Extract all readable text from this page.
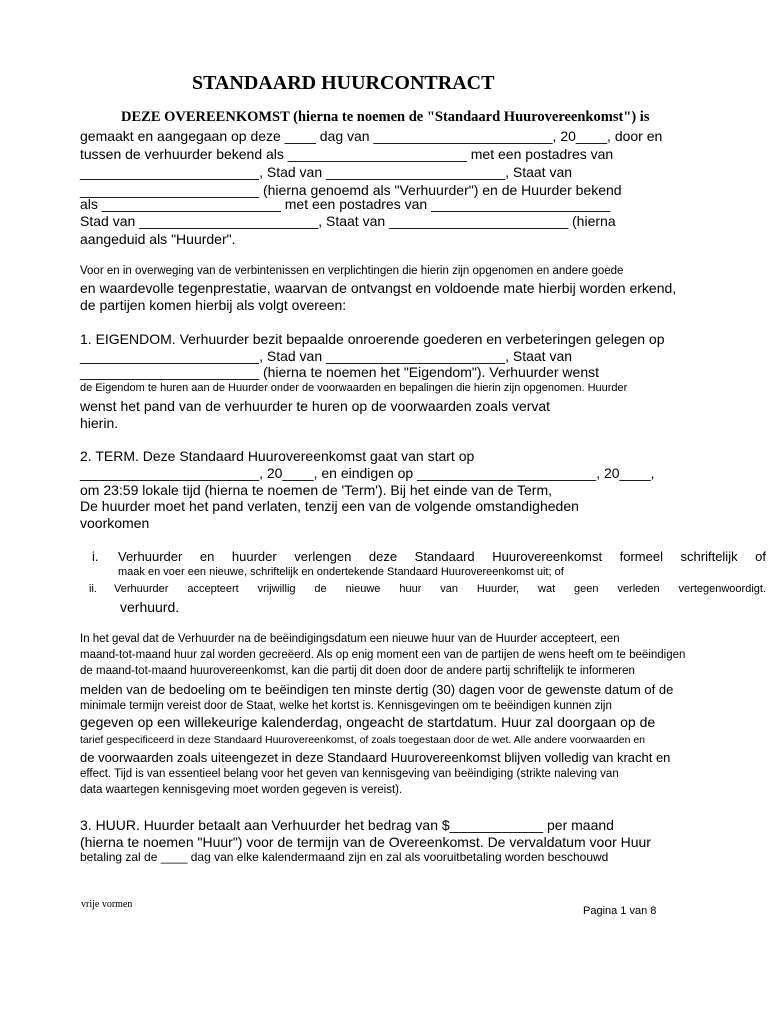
STANDAARD HUURCONTRACT
DEZE OVEREENKOMST (hierna te noemen de "Standaard Huurovereenkomst") is
gemaakt en aangegaan op deze ____ dag van _______________________, 20____, door en
tussen de verhuurder bekend als _______________________ met een postadres van
_______________________, Stad van _______________________, Staat van
_______________________ (hierna genoemd als "Verhuurder") en de Huurder bekend
als _______________________ met een postadres van _______________________
Stad van _______________________, Staat van _______________________ (hierna
aangeduid als "Huurder".
Voor en in overweging van de verbintenissen en verplichtingen die hierin zijn opgenomen en andere goede
en waardevolle tegenprestatie, waarvan de ontvangst en voldoende mate hierbij worden erkend,
de partijen komen hierbij als volgt overeen:
1. EIGENDOM. Verhuurder bezit bepaalde onroerende goederen en verbeteringen gelegen op
_______________________, Stad van _______________________, Staat van
_______________________ (hierna te noemen het "Eigendom"). Verhuurder wenst
de Eigendom te huren aan de Huurder onder de voorwaarden en bepalingen die hierin zijn opgenomen. Huurder
wenst het pand van de verhuurder te huren op de voorwaarden zoals vervat
hierin.
2. TERM. Deze Standaard Huurovereenkomst gaat van start op
_______________________, 20____, en eindigen op _______________________, 20____,
om 23:59 lokale tijd (hierna te noemen de 'Term'). Bij het einde van de Term,
De huurder moet het pand verlaten, tenzij een van de volgende omstandigheden
voorkomen
i. Verhuurder en huurder verlengen deze Standaard Huurovereenkomst formeel schriftelijk of
maak en voer een nieuwe, schriftelijk en ondertekende Standaard Huurovereenkomst uit; of
ii. Verhuurder accepteert vrijwillig de nieuwe huur van Huurder, wat geen verleden vertegenwoordigt.
verhuurd.
In het geval dat de Verhuurder na de beëindigingsdatum een nieuwe huur van de Huurder accepteert, een
maand-tot-maand huur zal worden gecreëerd. Als op enig moment een van de partijen de wens heeft om te beëindigen
de maand-tot-maand huurovereenkomst, kan die partij dit doen door de andere partij schriftelijk te informeren
melden van de bedoeling om te beëindigen ten minste dertig (30) dagen voor de gewenste datum of de
minimale termijn vereist door de Staat, welke het kortst is. Kennisgevingen om te beëindigen kunnen zijn
gegeven op een willekeurige kalenderdag, ongeacht de startdatum. Huur zal doorgaan op de
tarief gespecificeerd in deze Standaard Huurovereenkomst, of zoals toegestaan door de wet. Alle andere voorwaarden en
de voorwaarden zoals uiteengezet in deze Standaard Huurovereenkomst blijven volledig van kracht en
effect. Tijd is van essentieel belang voor het geven van kennisgeving van beëindiging (strikte naleving van
data waartegen kennisgeving moet worden gegeven is vereist).
3. HUUR. Huurder betaalt aan Verhuurder het bedrag van $____________ per maand
(hierna te noemen "Huur") voor de termijn van de Overeenkomst. De vervaldatum voor Huur
betaling zal de ____ dag van elke kalendermaand zijn en zal als vooruitbetaling worden beschouwd
vrije vormen
Pagina 1 van 8
